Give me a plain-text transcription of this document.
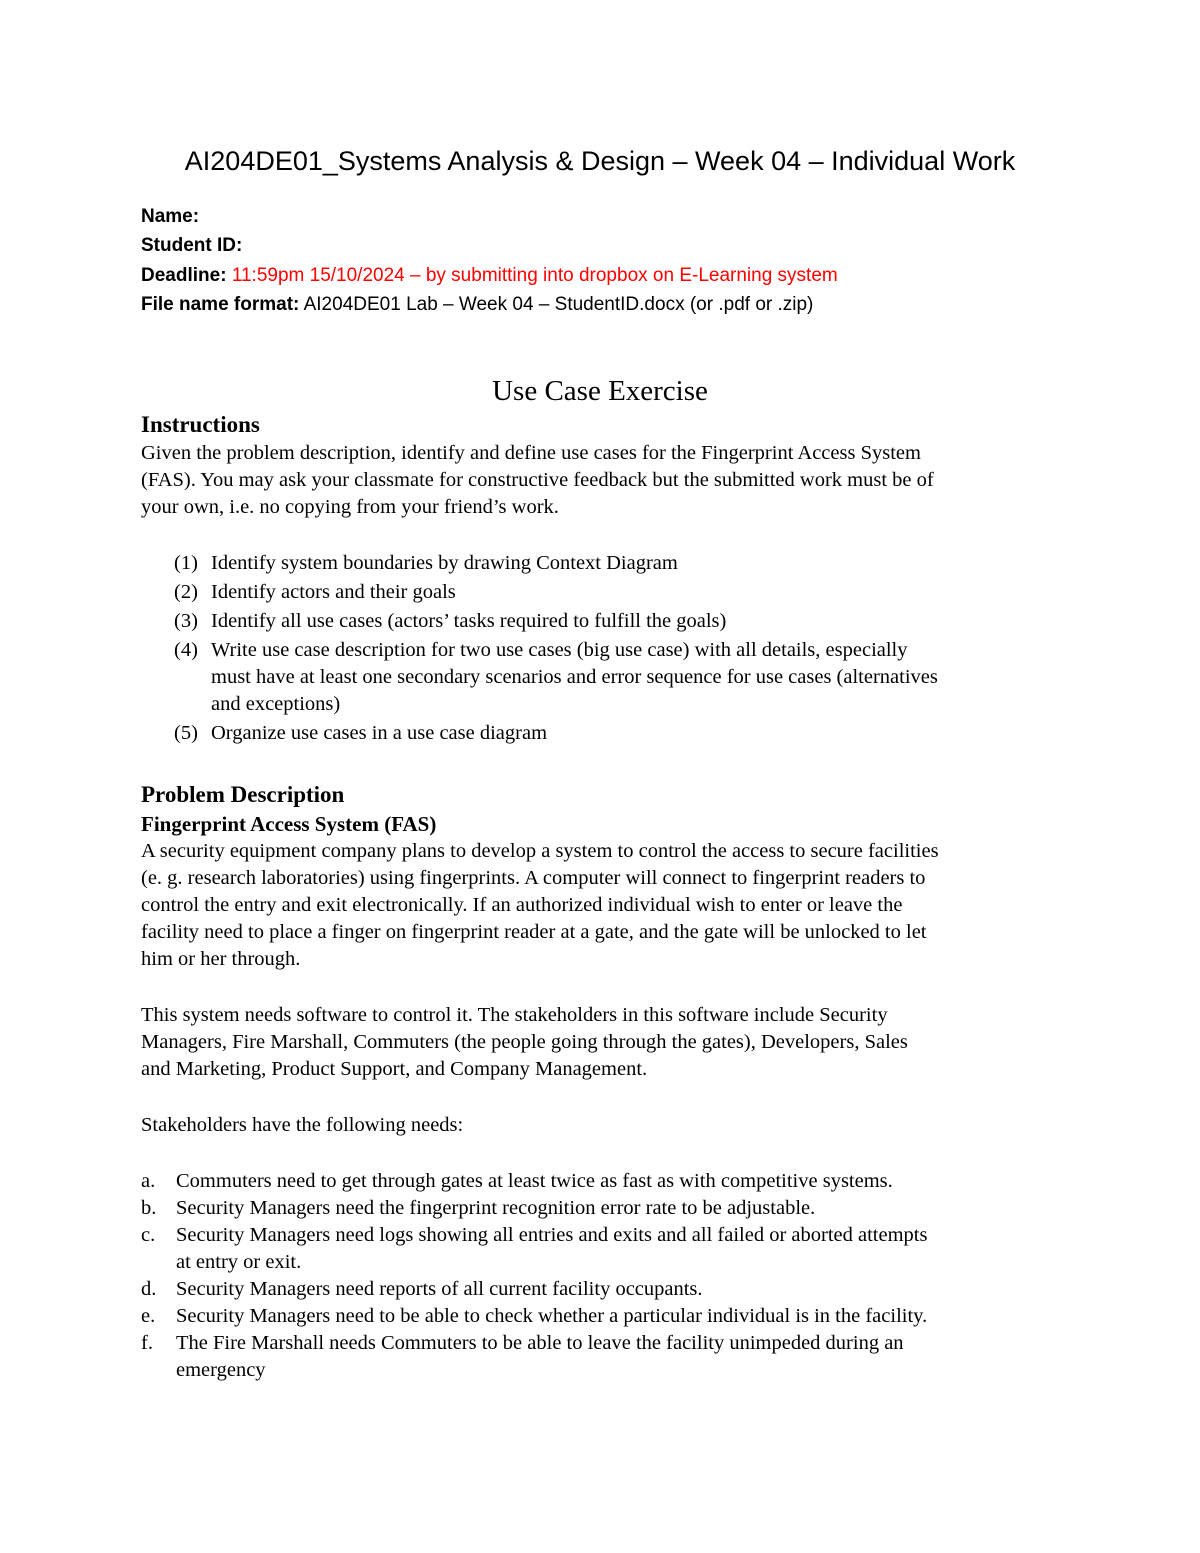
AI204DE01_Systems Analysis & Design – Week 04 – Individual Work
Name:
Student ID:
Deadline: 11:59pm 15/10/2024 – by submitting into dropbox on E-Learning system
File name format: AI204DE01 Lab – Week 04 – StudentID.docx (or .pdf or .zip)
Use Case Exercise
Instructions
Given the problem description, identify and define use cases for the Fingerprint Access System
(FAS). You may ask your classmate for constructive feedback but the submitted work must be of
your own, i.e. no copying from your friend’s work.
(1) Identify system boundaries by drawing Context Diagram
(2) Identify actors and their goals
(3) Identify all use cases (actors’ tasks required to fulfill the goals)
(4) Write use case description for two use cases (big use case) with all details, especially
must have at least one secondary scenarios and error sequence for use cases (alternatives
and exceptions)
(5) Organize use cases in a use case diagram
Problem Description
Fingerprint Access System (FAS)
A security equipment company plans to develop a system to control the access to secure facilities
(e. g. research laboratories) using fingerprints. A computer will connect to fingerprint readers to
control the entry and exit electronically. If an authorized individual wish to enter or leave the
facility need to place a finger on fingerprint reader at a gate, and the gate will be unlocked to let
him or her through.
This system needs software to control it. The stakeholders in this software include Security
Managers, Fire Marshall, Commuters (the people going through the gates), Developers, Sales
and Marketing, Product Support, and Company Management.
Stakeholders have the following needs:
a. Commuters need to get through gates at least twice as fast as with competitive systems.
b. Security Managers need the fingerprint recognition error rate to be adjustable.
c. Security Managers need logs showing all entries and exits and all failed or aborted attempts
at entry or exit.
d. Security Managers need reports of all current facility occupants.
e. Security Managers need to be able to check whether a particular individual is in the facility.
f. The Fire Marshall needs Commuters to be able to leave the facility unimpeded during an
emergency
